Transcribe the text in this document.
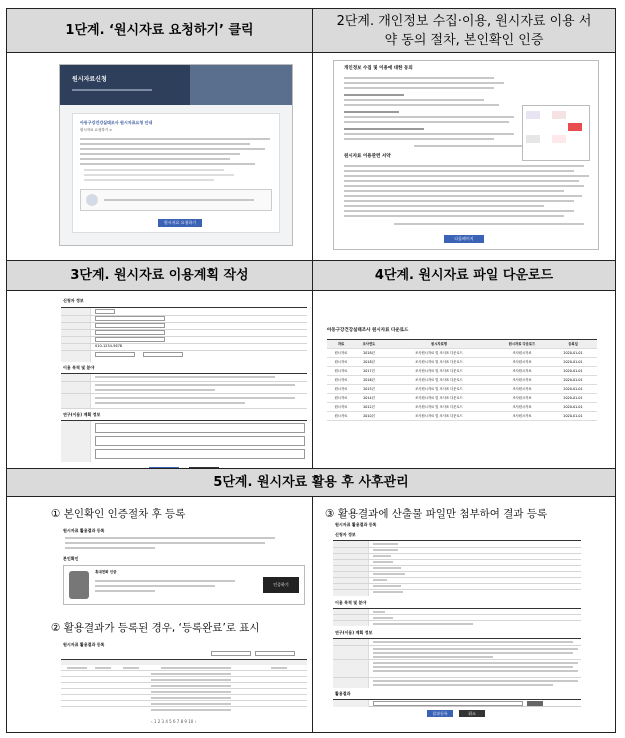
1단계. ‘원시자료 요청하기’ 클릭
2단계. 개인정보 수집·이용, 원시자료 이용 서
약 동의 절차, 본인확인 인증
원시자료신청
아동구강건강실태조사 원시자료요청 안내
원시자료 요청하기 >
원시자료 요청하기
개인정보 수집 및 이용에 대한 동의
원시자료 이용관련 서약
다음페이지
3단계. 원시자료 이용계획 작성	4단계. 원시자료 파일 다운로드
신청자 정보
010-1234-5678
이용 목적 및 분야
연구(이용) 계획 정보
아동구강건강실태조사 원시자료 다운로드
자료	조사연도	원시자료명	원시자료 다운로드	등록일
원시자료	2018년	조사원시자료 및 조사표 다운로드	조사원시자료	2020-01-01
원시자료	2018년	조사원시자료 및 조사표 다운로드	조사원시자료	2020-01-01
원시자료	2017년	조사원시자료 및 조사표 다운로드	조사원시자료	2020-01-01
원시자료	2016년	조사원시자료 및 조사표 다운로드	조사원시자료	2020-01-01
원시자료	2015년	조사원시자료 및 조사표 다운로드	조사원시자료	2020-01-01
원시자료	2014년	조사원시자료 및 조사표 다운로드	조사원시자료	2020-01-01
원시자료	2012년	조사원시자료 및 조사표 다운로드	조사원시자료	2020-01-01
원시자료	2010년	조사원시자료 및 조사표 다운로드	조사원시자료	2020-01-01
5단계. 원시자료 활용 후 사후관리
① 본인확인 인증절차 후 등록
② 활용결과가 등록된 경우, ‘등록완료’로 표시
③ 활용결과에 산출물 파일만 첨부하여 결과 등록
원시자료 활용결과 등록
본인확인
휴대전화 인증
인증하기
원시자료 활용결과 등록
‹ 1 2 3 4 5 6 7 8 9 10 ›
원시자료 활용결과 등록
신청자 정보
이용 목적 및 분야
연구(이용) 계획 정보
활용결과
결과등록	취소
